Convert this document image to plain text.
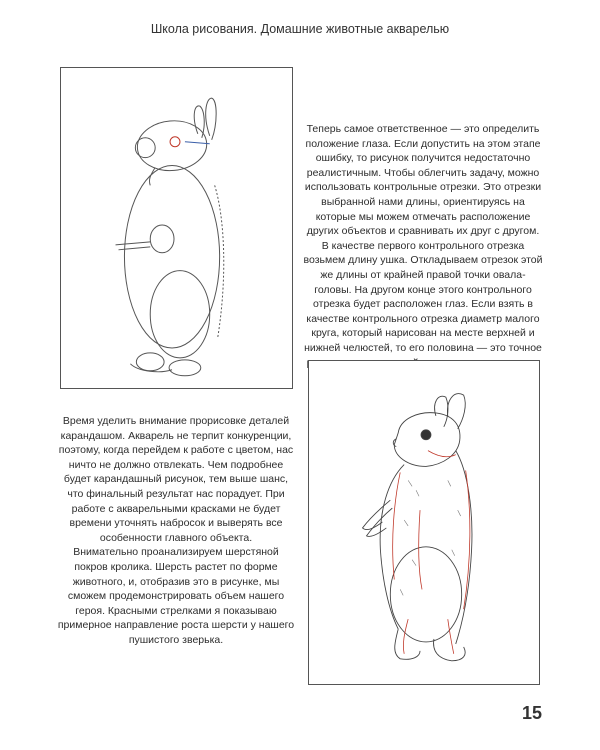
Школа рисования. Домашние животные акварелью

Теперь самое ответственное — это определить положение глаза. Если допустить на этом этапе ошибку, то рисунок получится недостаточно реалистичным. Чтобы облегчить задачу, можно использовать контрольные отрезки. Это отрезки выбранной нами длины, ориентируясь на которые мы можем отмечать расположение других объектов и сравнивать их друг с другом.

В качестве первого контрольного отрезка возьмем длину ушка. Откладываем отрезок этой же длины от крайней правой точки овала-головы. На другом конце этого контрольного отрезка будет расположен глаз. Если взять в качестве контрольного отрезка диаметр малого круга, который нарисован на месте верхней и нижней челюстей, то его половина — это точное

Время уделить внимание прорисовке деталей карандашом. Акварель не терпит конкуренции, поэтому, когда перейдем к работе с цветом, нас ничто не должно отвлекать. Чем подробнее будет карандашный рисунок, тем выше шанс, что финальный результат нас порадует. При работе с акварельными красками не будет времени уточнять набросок и выверять все особенности главного объекта.

Внимательно проанализируем шерстяной покров кролика. Шерсть растет по форме животного, и, отобразив это в рисунке, мы сможем продемонстрировать объем нашего героя. Красными стрелками я показываю примерное направление роста шерсти у нашего пушистого зверька.

15
